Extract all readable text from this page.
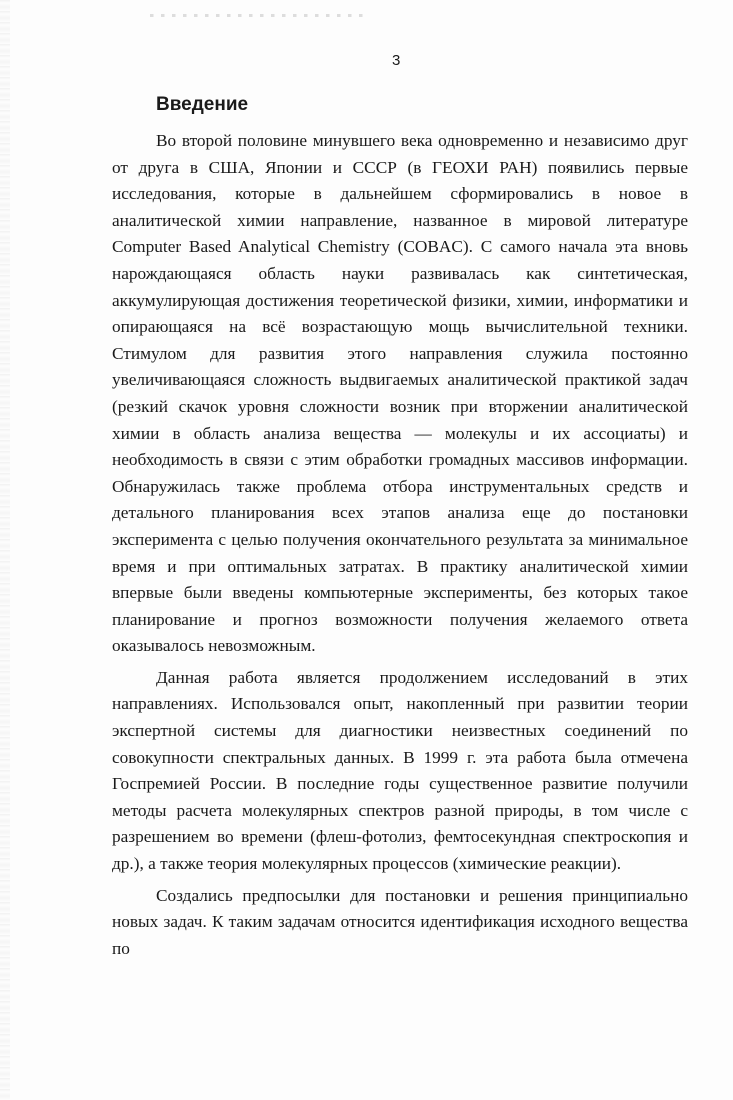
3
Введение

Во второй половине минувшего века одновременно и независимо друг от друга в США, Японии и СССР (в ГЕОХИ РАН) появились первые исследования, которые в дальнейшем сформировались в новое в аналитической химии направление, названное в мировой литературе Computer Based Analytical Chemistry (COBAC). С самого начала эта вновь нарождающаяся область науки развивалась как синтетическая, аккумулирующая достижения теоретической физики, химии, информатики и опирающаяся на всё возрастающую мощь вычислительной техники. Стимулом для развития этого направления служила постоянно увеличивающаяся сложность выдвигаемых аналитической практикой задач (резкий скачок уровня сложности возник при вторжении аналитической химии в область анализа вещества — молекулы и их ассоциаты) и необходимость в связи с этим обработки громадных массивов информации. Обнаружилась также проблема отбора инструментальных средств и детального планирования всех этапов анализа еще до постановки эксперимента с целью получения окончательного результата за минимальное время и при оптимальных затратах. В практику аналитической химии впервые были введены компьютерные эксперименты, без которых такое планирование и прогноз возможности получения желаемого ответа оказывалось невозможным.

Данная работа является продолжением исследований в этих направлениях. Использовался опыт, накопленный при развитии теории экспертной системы для диагностики неизвестных соединений по совокупности спектральных данных. В 1999 г. эта работа была отмечена Госпремией России. В последние годы существенное развитие получили методы расчета молекулярных спектров разной природы, в том числе с разрешением во времени (флеш-фотолиз, фемтосекундная спектроскопия и др.), а также теория молекулярных процессов (химические реакции).

Создались предпосылки для постановки и решения принципиально новых задач. К таким задачам относится идентификация исходного вещества по
